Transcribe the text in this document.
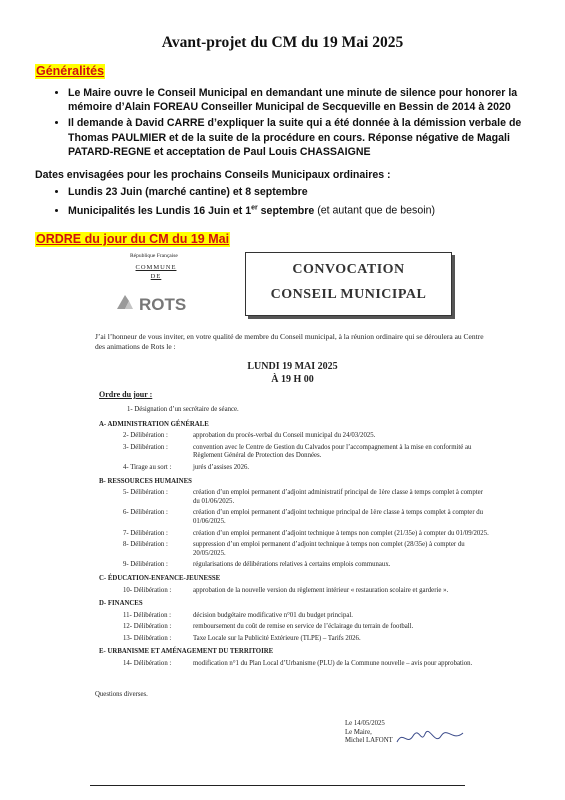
Avant-projet du CM du 19 Mai 2025
Généralités
• Le Maire ouvre le Conseil Municipal en demandant une minute de silence pour honorer la mémoire d’Alain FOREAU Conseiller Municipal de Secqueville en Bessin de 2014 à 2020
• Il demande à David CARRE d’expliquer la suite qui a été donnée à la démission verbale de Thomas PAULMIER et de la suite de la procédure en cours. Réponse négative de Magali PATARD-REGNE et acceptation de Paul Louis CHASSAIGNE
Dates envisagées pour les prochains Conseils Municipaux ordinaires :
• Lundis 23 Juin (marché cantine) et 8 septembre
• Municipalités les Lundis 16 Juin et 1er septembre (et autant que de besoin)
ORDRE du jour du CM du 19 Mai
République Française
COMMUNE
DE
ROTS
CONVOCATION
CONSEIL MUNICIPAL
J’ai l’honneur de vous inviter, en votre qualité de membre du Conseil municipal, à la réunion ordinaire qui se déroulera au Centre des animations de Rots le :
LUNDI 19 MAI 2025
À 19 H 00
Ordre du jour :
1- Désignation d’un secrétaire de séance.
A- ADMINISTRATION GÉNÉRALE
2- Délibération :	approbation du procès-verbal du Conseil municipal du 24/03/2025.
3- Délibération :	convention avec le Centre de Gestion du Calvados pour l’accompagnement à la mise en conformité au Règlement Général de Protection des Données.
4- Tirage au sort :	jurés d’assises 2026.
B- RESSOURCES HUMAINES
5- Délibération :	création d’un emploi permanent d’adjoint administratif principal de 1ère classe à temps complet à compter du 01/06/2025.
6- Délibération :	création d’un emploi permanent d’adjoint technique principal de 1ère classe à temps complet à compter du 01/06/2025.
7- Délibération :	création d’un emploi permanent d’adjoint technique à temps non complet (21/35e) à compter du 01/09/2025.
8- Délibération :	suppression d’un emploi permanent d’adjoint technique à temps non complet (28/35e) à compter du 20/05/2025.
9- Délibération :	régularisations de délibérations relatives à certains emplois communaux.
C- ÉDUCATION-ENFANCE-JEUNESSE
10- Délibération :	approbation de la nouvelle version du règlement intérieur « restauration scolaire et garderie ».
D- FINANCES
11- Délibération :	décision budgétaire modificative n°01 du budget principal.
12- Délibération :	remboursement du coût de remise en service de l’éclairage du terrain de football.
13- Délibération :	Taxe Locale sur la Publicité Extérieure (TLPE) – Tarifs 2026.
E- URBANISME ET AMÉNAGEMENT DU TERRITOIRE
14- Délibération :	modification n°1 du Plan Local d’Urbanisme (PLU) de la Commune nouvelle – avis pour approbation.
Questions diverses.
Le 14/05/2025
Le Maire,
Michel LAFONT
